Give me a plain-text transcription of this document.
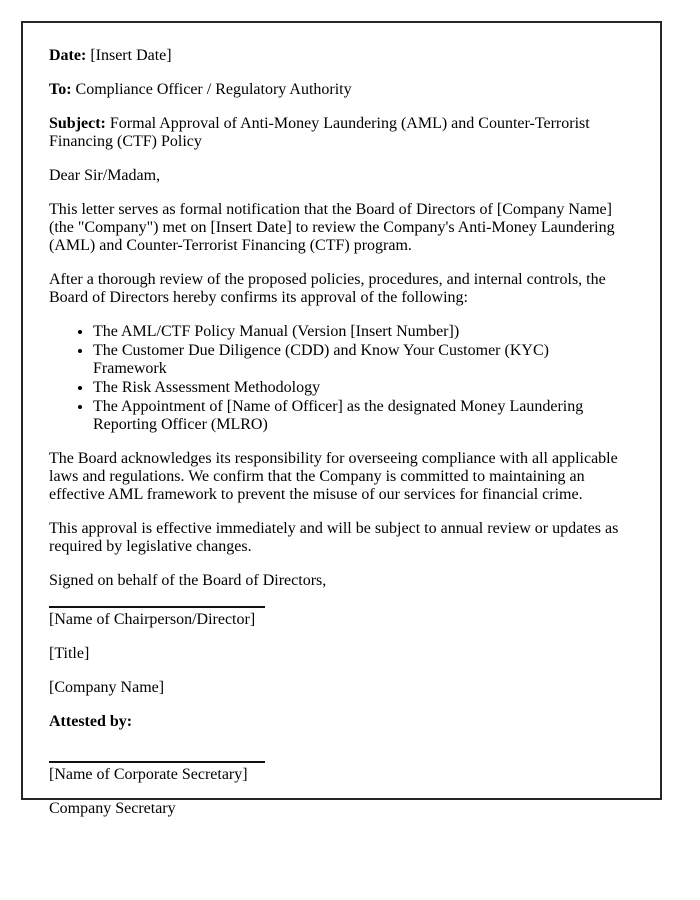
Date: [Insert Date]

To: Compliance Officer / Regulatory Authority

Subject: Formal Approval of Anti-Money Laundering (AML) and Counter-Terrorist Financing (CTF) Policy

Dear Sir/Madam,

This letter serves as formal notification that the Board of Directors of [Company Name] (the "Company") met on [Insert Date] to review the Company's Anti-Money Laundering (AML) and Counter-Terrorist Financing (CTF) program.

After a thorough review of the proposed policies, procedures, and internal controls, the Board of Directors hereby confirms its approval of the following:

• The AML/CTF Policy Manual (Version [Insert Number])
• The Customer Due Diligence (CDD) and Know Your Customer (KYC) Framework
• The Risk Assessment Methodology
• The Appointment of [Name of Officer] as the designated Money Laundering Reporting Officer (MLRO)

The Board acknowledges its responsibility for overseeing compliance with all applicable laws and regulations. We confirm that the Company is committed to maintaining an effective AML framework to prevent the misuse of our services for financial crime.

This approval is effective immediately and will be subject to annual review or updates as required by legislative changes.

Signed on behalf of the Board of Directors,

[Name of Chairperson/Director]

[Title]

[Company Name]

Attested by:

[Name of Corporate Secretary]

Company Secretary
